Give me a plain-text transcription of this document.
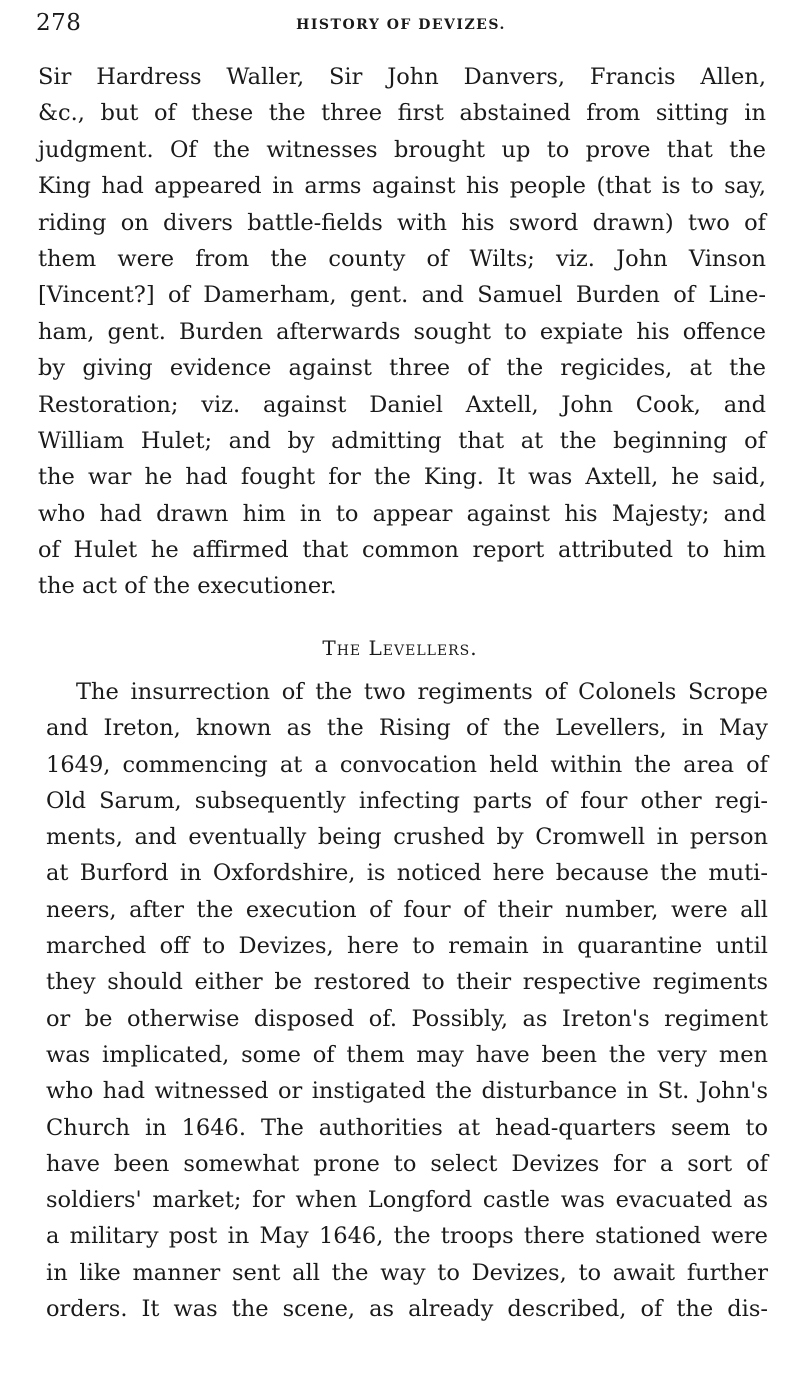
278	HISTORY OF DEVIZES.
Sir Hardress Waller, Sir John Danvers, Francis Allen,
&c., but of these the three first abstained from sitting in
judgment. Of the witnesses brought up to prove that the
King had appeared in arms against his people (that is to say,
riding on divers battle-fields with his sword drawn) two of
them were from the county of Wilts; viz. John Vinson
[Vincent?] of Damerham, gent. and Samuel Burden of Line-
ham, gent. Burden afterwards sought to expiate his offence
by giving evidence against three of the regicides, at the
Restoration; viz. against Daniel Axtell, John Cook, and
William Hulet; and by admitting that at the beginning of
the war he had fought for the King. It was Axtell, he said,
who had drawn him in to appear against his Majesty; and
of Hulet he affirmed that common report attributed to him
the act of the executioner.
The Levellers.
The insurrection of the two regiments of Colonels Scrope
and Ireton, known as the Rising of the Levellers, in May
1649, commencing at a convocation held within the area of
Old Sarum, subsequently infecting parts of four other regi-
ments, and eventually being crushed by Cromwell in person
at Burford in Oxfordshire, is noticed here because the muti-
neers, after the execution of four of their number, were all
marched off to Devizes, here to remain in quarantine until
they should either be restored to their respective regiments
or be otherwise disposed of. Possibly, as Ireton's regiment
was implicated, some of them may have been the very men
who had witnessed or instigated the disturbance in St. John's
Church in 1646. The authorities at head-quarters seem to
have been somewhat prone to select Devizes for a sort of
soldiers' market; for when Longford castle was evacuated as
a military post in May 1646, the troops there stationed were
in like manner sent all the way to Devizes, to await further
orders. It was the scene, as already described, of the dis-
